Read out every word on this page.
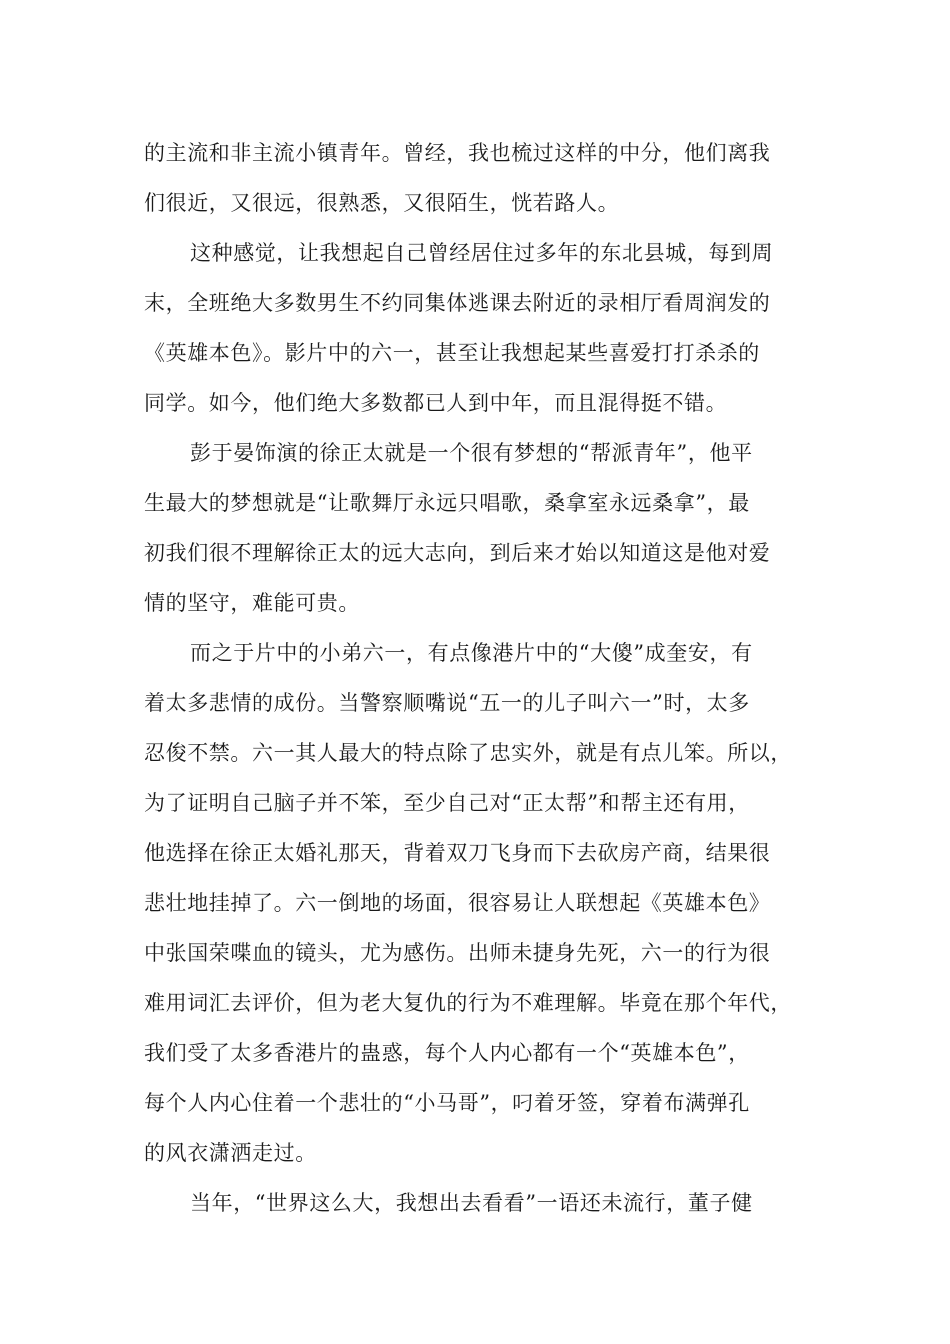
的主流和非主流小镇青年。曾经，我也梳过这样的中分，他们离我
们很近，又很远，很熟悉，又很陌生，恍若路人。
这种感觉，让我想起自己曾经居住过多年的东北县城，每到周
末，全班绝大多数男生不约同集体逃课去附近的录相厅看周润发的
《英雄本色》。影片中的六一，甚至让我想起某些喜爱打打杀杀的
同学。如今，他们绝大多数都已人到中年，而且混得挺不错。
彭于晏饰演的徐正太就是一个很有梦想的“帮派青年”，他平
生最大的梦想就是“让歌舞厅永远只唱歌，桑拿室永远桑拿”，最
初我们很不理解徐正太的远大志向，到后来才始以知道这是他对爱
情的坚守，难能可贵。
而之于片中的小弟六一，有点像港片中的“大傻”成奎安，有
着太多悲情的成份。当警察顺嘴说“五一的儿子叫六一”时，太多
忍俊不禁。六一其人最大的特点除了忠实外，就是有点儿笨。所以，
为了证明自己脑子并不笨，至少自己对“正太帮”和帮主还有用，
他选择在徐正太婚礼那天，背着双刀飞身而下去砍房产商，结果很
悲壮地挂掉了。六一倒地的场面，很容易让人联想起《英雄本色》
中张国荣喋血的镜头，尤为感伤。出师未捷身先死，六一的行为很
难用词汇去评价，但为老大复仇的行为不难理解。毕竟在那个年代，
我们受了太多香港片的蛊惑，每个人内心都有一个“英雄本色”，
每个人内心住着一个悲壮的“小马哥”，叼着牙签，穿着布满弹孔
的风衣潇洒走过。
当年，“世界这么大，我想出去看看”一语还未流行，董子健
